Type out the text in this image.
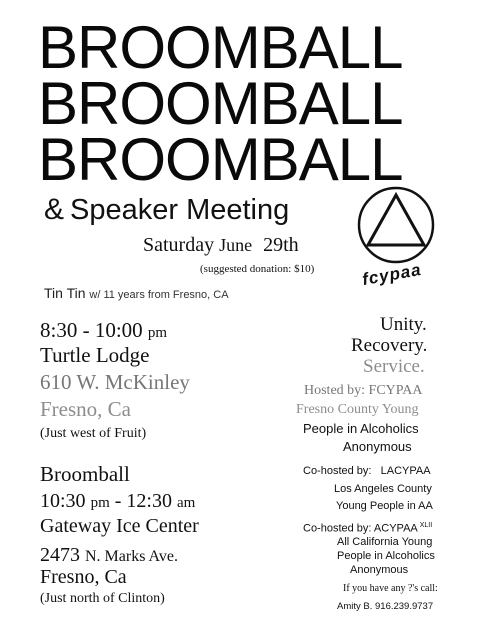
BROOMBALL
BROOMBALL
BROOMBALL
& Speaker Meeting
Saturday June 29th
(suggested donation: $10)
Tin Tin w/ 11 years from Fresno, CA
fcypaa
8:30 - 10:00 pm
Turtle Lodge
610 W. McKinley
Fresno, Ca
(Just west of Fruit)
Broomball
10:30 pm - 12:30 am
Gateway Ice Center
2473 N. Marks Ave.
Fresno, Ca
(Just north of Clinton)
Unity.
Recovery.
Service.
Hosted by: FCYPAA
Fresno County Young
People in Alcoholics
Anonymous
Co-hosted by:   LACYPAA
Los Angeles County
Young People in AA
Co-hosted by: ACYPAA $^{XLII}$
All California Young
People in Alcoholics
Anonymous
If you have any ?'s call:
Amity B. 916.239.9737
